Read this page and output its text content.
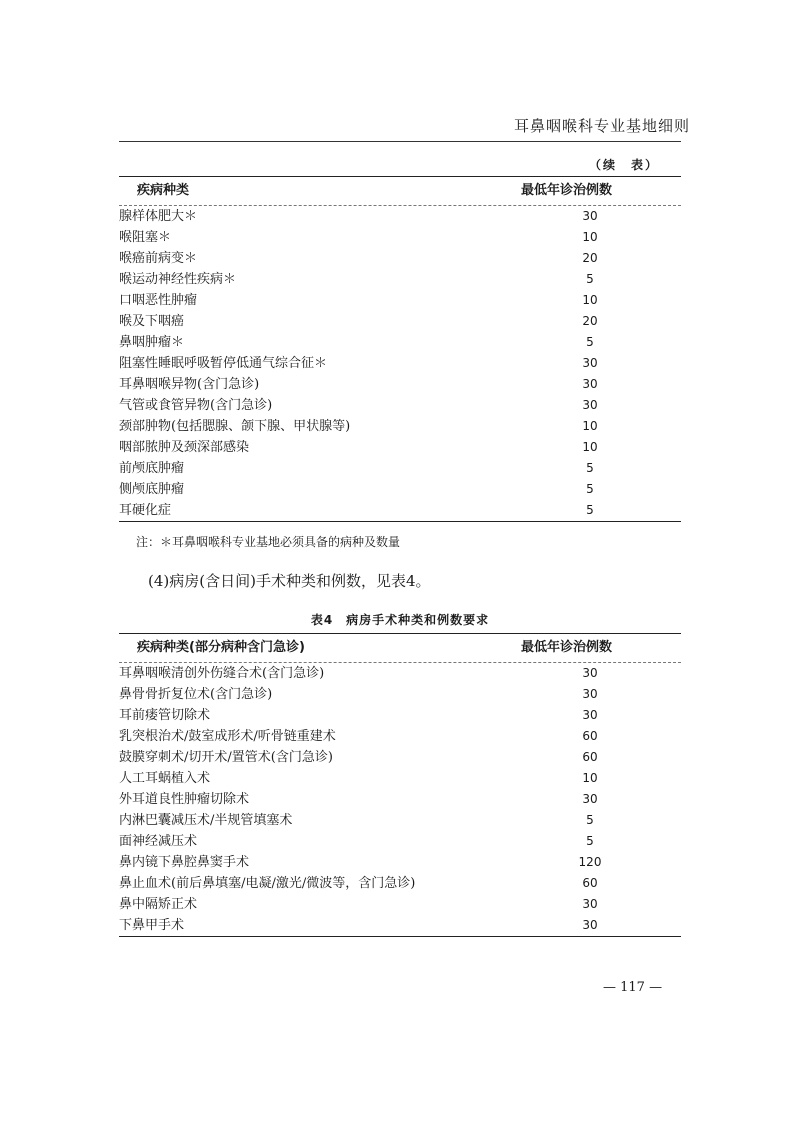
耳鼻咽喉科专业基地细则
（续　表）
疾病种类	最低年诊治例数
腺样体肥大＊	30
喉阻塞＊	10
喉癌前病变＊	20
喉运动神经性疾病＊	5
口咽恶性肿瘤	10
喉及下咽癌	20
鼻咽肿瘤＊	5
阻塞性睡眠呼吸暂停低通气综合征＊	30
耳鼻咽喉异物(含门急诊)	30
气管或食管异物(含门急诊)	30
颈部肿物(包括腮腺、颌下腺、甲状腺等)	10
咽部脓肿及颈深部感染	10
前颅底肿瘤	5
侧颅底肿瘤	5
耳硬化症	5
注：＊耳鼻咽喉科专业基地必须具备的病种及数量
(4)病房(含日间)手术种类和例数，见表4。
表4　病房手术种类和例数要求
疾病种类(部分病种含门急诊)	最低年诊治例数
耳鼻咽喉清创外伤缝合术(含门急诊)	30
鼻骨骨折复位术(含门急诊)	30
耳前瘘管切除术	30
乳突根治术/鼓室成形术/听骨链重建术	60
鼓膜穿刺术/切开术/置管术(含门急诊)	60
人工耳蜗植入术	10
外耳道良性肿瘤切除术	30
内淋巴囊减压术/半规管填塞术	5
面神经减压术	5
鼻内镜下鼻腔鼻窦手术	120
鼻止血术(前后鼻填塞/电凝/激光/微波等，含门急诊)	60
鼻中隔矫正术	30
下鼻甲手术	30
— 117 —
